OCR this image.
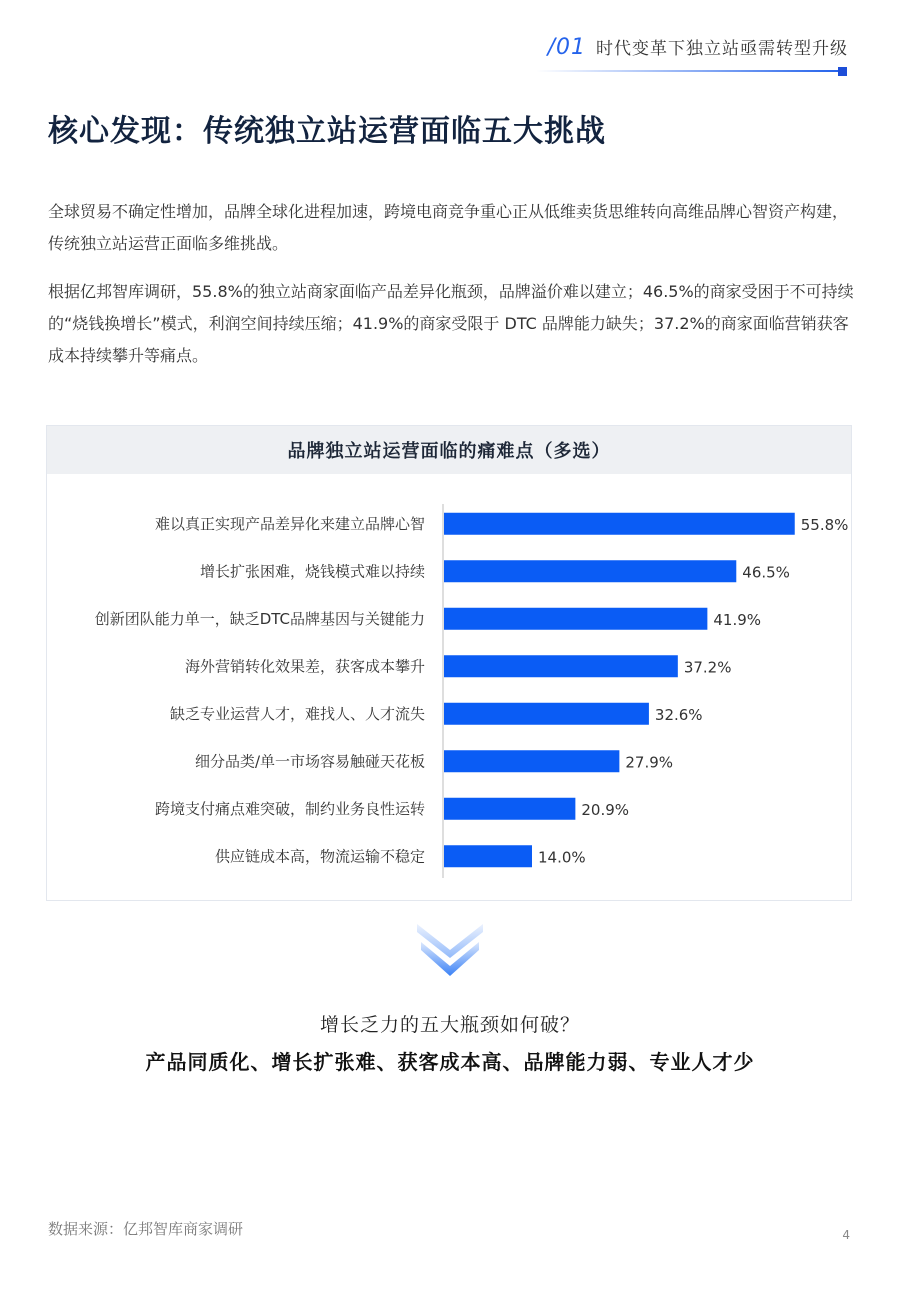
/01 时代变革下独立站亟需转型升级
核心发现：传统独立站运营面临五大挑战

全球贸易不确定性增加，品牌全球化进程加速，跨境电商竞争重心正从低维卖货思维转向高维品牌心智资产构建，传统独立站运营正面临多维挑战。

根据亿邦智库调研，55.8%的独立站商家面临产品差异化瓶颈，品牌溢价难以建立；46.5%的商家受困于不可持续的“烧钱换增长”模式，利润空间持续压缩；41.9%的商家受限于 DTC 品牌能力缺失；37.2%的商家面临营销获客成本持续攀升等痛点。

品牌独立站运营面临的痛难点（多选）
难以真正实现产品差异化来建立品牌心智	55.8%
增长扩张困难，烧钱模式难以持续	46.5%
创新团队能力单一，缺乏DTC品牌基因与关键能力	41.9%
海外营销转化效果差，获客成本攀升	37.2%
缺乏专业运营人才，难找人、人才流失	32.6%
细分品类/单一市场容易触碰天花板	27.9%
跨境支付痛点难突破，制约业务良性运转	20.9%
供应链成本高，物流运输不稳定	14.0%
增长乏力的五大瓶颈如何破？
产品同质化、增长扩张难、获客成本高、品牌能力弱、专业人才少
数据来源：亿邦智库商家调研	4
